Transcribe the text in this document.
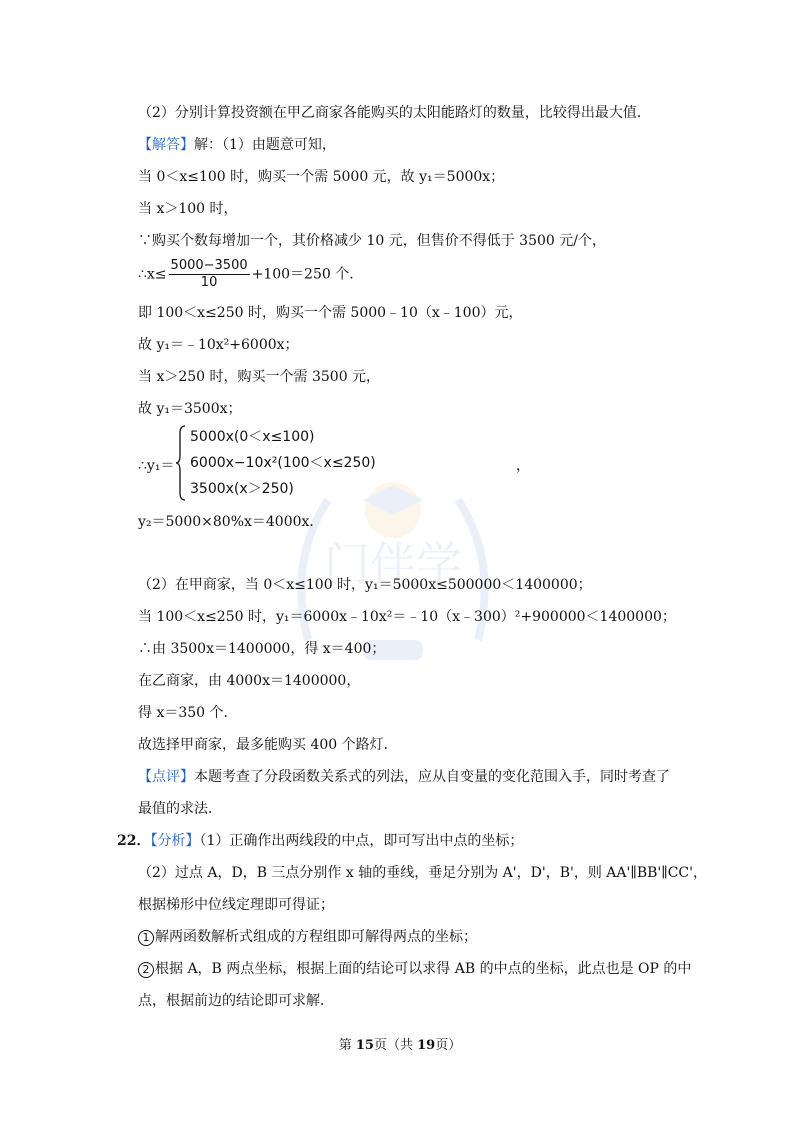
门伴学
（2）分别计算投资额在甲乙商家各能购买的太阳能路灯的数量，比较得出最大值．
【解答】解：（1）由题意可知，
当 0＜x≤100 时，购买一个需 5000 元，故 y₁＝5000x；
当 x＞100 时，
∵购买个数每增加一个，其价格减少 10 元，但售价不得低于 3500 元/个，
∴x≤ $\frac{5000-3500}{10} +100=250$ 个．
即 100＜x≤250 时，购买一个需 5000﹣10（x﹣100）元，
故 y₁＝﹣10x²+6000x；
当 x＞250 时，购买一个需 3500 元，
故 y₁＝3500x；
∴y₁＝
5000x(0＜x≤100)
6000x−10x²(100＜x≤250)
3500x(x＞250)
，
y₂＝5000×80%x＝4000x．
（2）在甲商家，当 0＜x≤100 时，y₁＝5000x≤500000＜1400000；
当 100＜x≤250 时，y₁＝6000x﹣10x²＝﹣10（x﹣300）²+900000＜1400000；
∴由 3500x＝1400000，得 x＝400；
在乙商家，由 4000x＝1400000，
得 x＝350 个．
故选择甲商家，最多能购买 400 个路灯．
【点评】本题考查了分段函数关系式的列法，应从自变量的变化范围入手，同时考查了
最值的求法．
22．【分析】（1）正确作出两线段的中点，即可写出中点的坐标；
（2）过点 A，D，B 三点分别作 x 轴的垂线，垂足分别为 A'，D'，B'，则 AA'∥BB'∥CC'，
根据梯形中位线定理即可得证；
1 解两函数解析式组成的方程组即可解得两点的坐标；
2 根据 A，B 两点坐标，根据上面的结论可以求得 AB 的中点的坐标，此点也是 OP 的中
点，根据前边的结论即可求解．
第 15页（共 19页）
